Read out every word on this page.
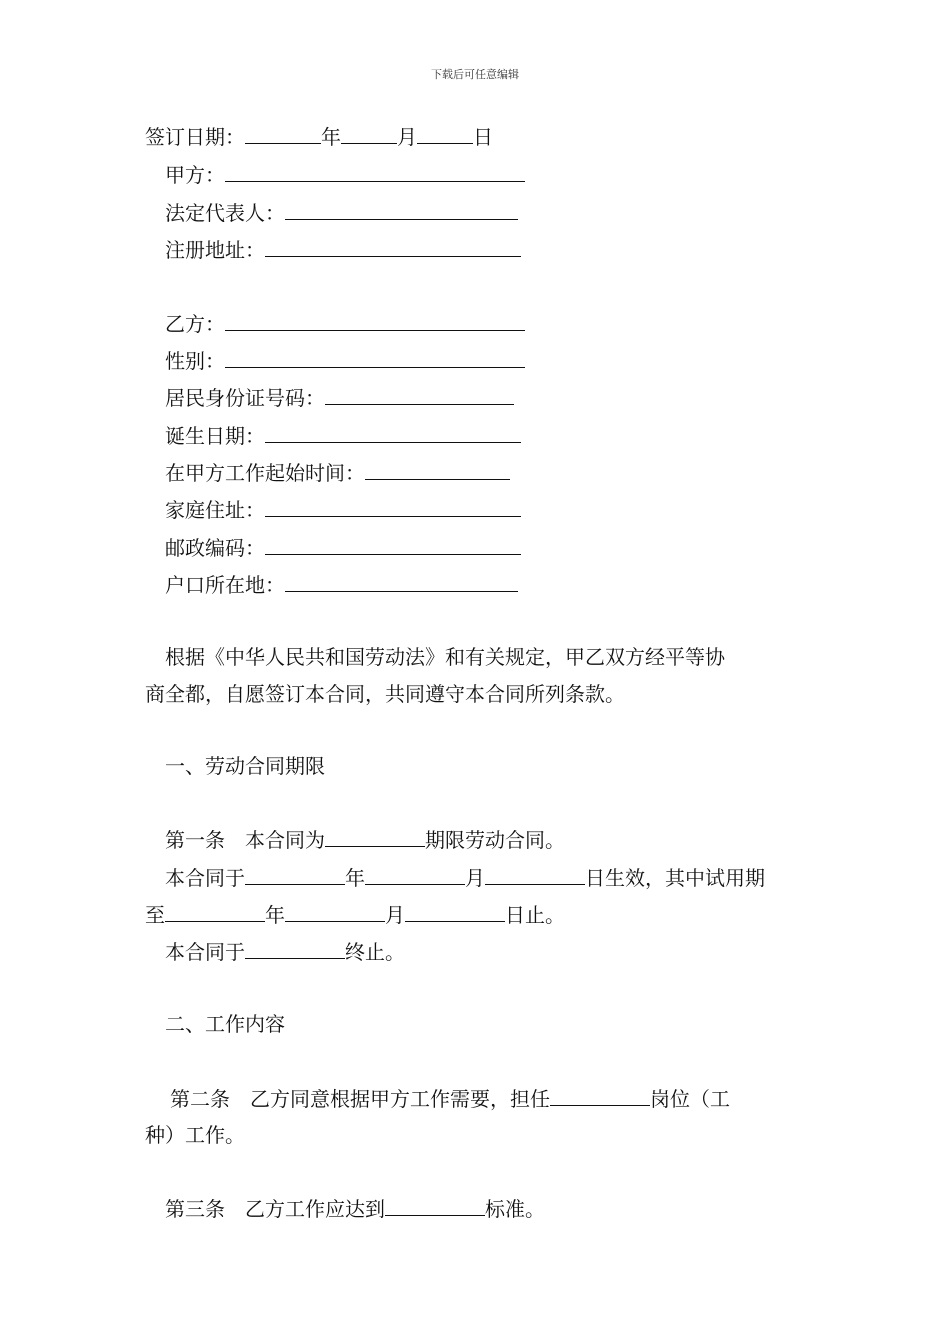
下载后可任意编辑
签订日期：	年	月	日
甲方：
法定代表人：
注册地址：
乙方：
性别：
居民身份证号码：
诞生日期：
在甲方工作起始时间：
家庭住址：
邮政编码：
户口所在地：
根据《中华人民共和国劳动法》和有关规定，甲乙双方经平等协
商全都，自愿签订本合同，共同遵守本合同所列条款。
一、劳动合同期限
第一条　本合同为	期限劳动合同。
本合同于	年	月	日生效，其中试用期
至	年	月	日止。
本合同于	终止。
二、工作内容
第二条　乙方同意根据甲方工作需要，担任	岗位（工
种）工作。
第三条　乙方工作应达到	标准。
